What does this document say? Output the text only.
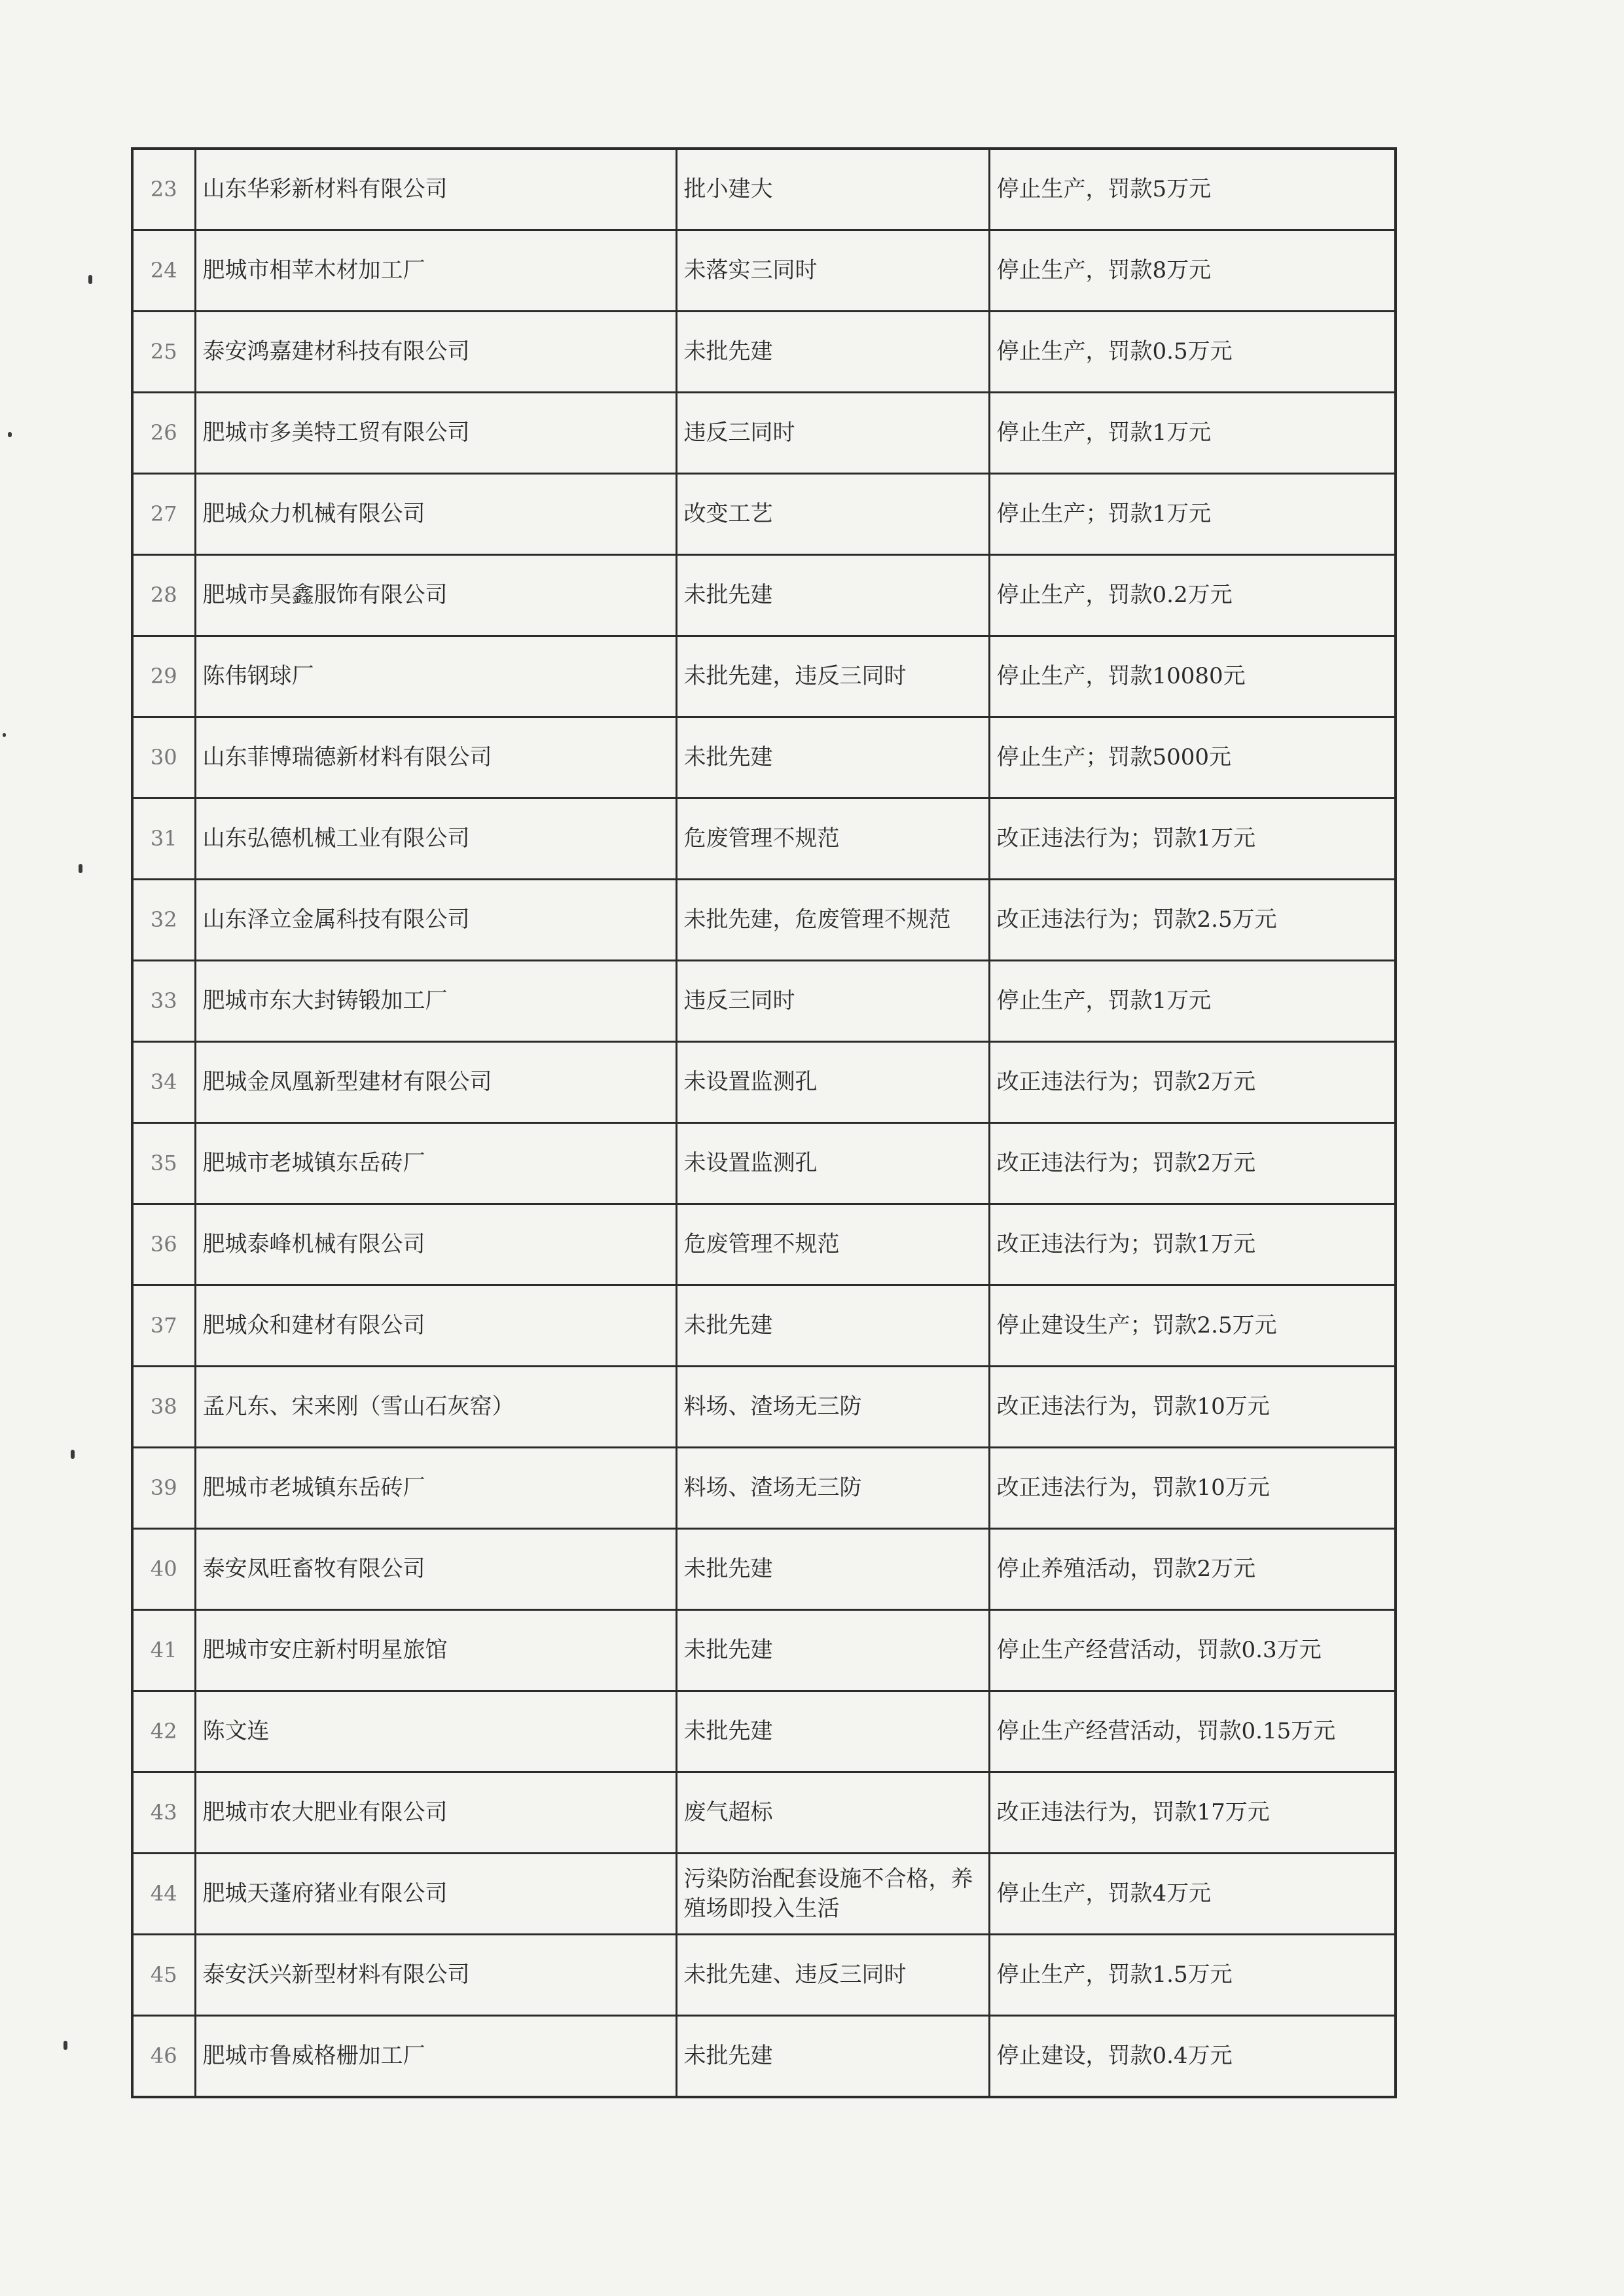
23	山东华彩新材料有限公司	批小建大	停止生产，罚款5万元
24	肥城市相苹木材加工厂	未落实三同时	停止生产，罚款8万元
25	泰安鸿嘉建材科技有限公司	未批先建	停止生产，罚款0.5万元
26	肥城市多美特工贸有限公司	违反三同时	停止生产，罚款1万元
27	肥城众力机械有限公司	改变工艺	停止生产；罚款1万元
28	肥城市昊鑫服饰有限公司	未批先建	停止生产，罚款0.2万元
29	陈伟钢球厂	未批先建，违反三同时	停止生产，罚款10080元
30	山东菲博瑞德新材料有限公司	未批先建	停止生产；罚款5000元
31	山东弘德机械工业有限公司	危废管理不规范	改正违法行为；罚款1万元
32	山东泽立金属科技有限公司	未批先建，危废管理不规范	改正违法行为；罚款2.5万元
33	肥城市东大封铸锻加工厂	违反三同时	停止生产，罚款1万元
34	肥城金凤凰新型建材有限公司	未设置监测孔	改正违法行为；罚款2万元
35	肥城市老城镇东岳砖厂	未设置监测孔	改正违法行为；罚款2万元
36	肥城泰峰机械有限公司	危废管理不规范	改正违法行为；罚款1万元
37	肥城众和建材有限公司	未批先建	停止建设生产；罚款2.5万元
38	孟凡东、宋来刚（雪山石灰窑）	料场、渣场无三防	改正违法行为，罚款10万元
39	肥城市老城镇东岳砖厂	料场、渣场无三防	改正违法行为，罚款10万元
40	泰安凤旺畜牧有限公司	未批先建	停止养殖活动，罚款2万元
41	肥城市安庄新村明星旅馆	未批先建	停止生产经营活动，罚款0.3万元
42	陈文连	未批先建	停止生产经营活动，罚款0.15万元
43	肥城市农大肥业有限公司	废气超标	改正违法行为，罚款17万元
44	肥城天蓬府猪业有限公司	污染防治配套设施不合格，养殖场即投入生活	停止生产，罚款4万元
45	泰安沃兴新型材料有限公司	未批先建、违反三同时	停止生产，罚款1.5万元
46	肥城市鲁威格栅加工厂	未批先建	停止建设，罚款0.4万元
